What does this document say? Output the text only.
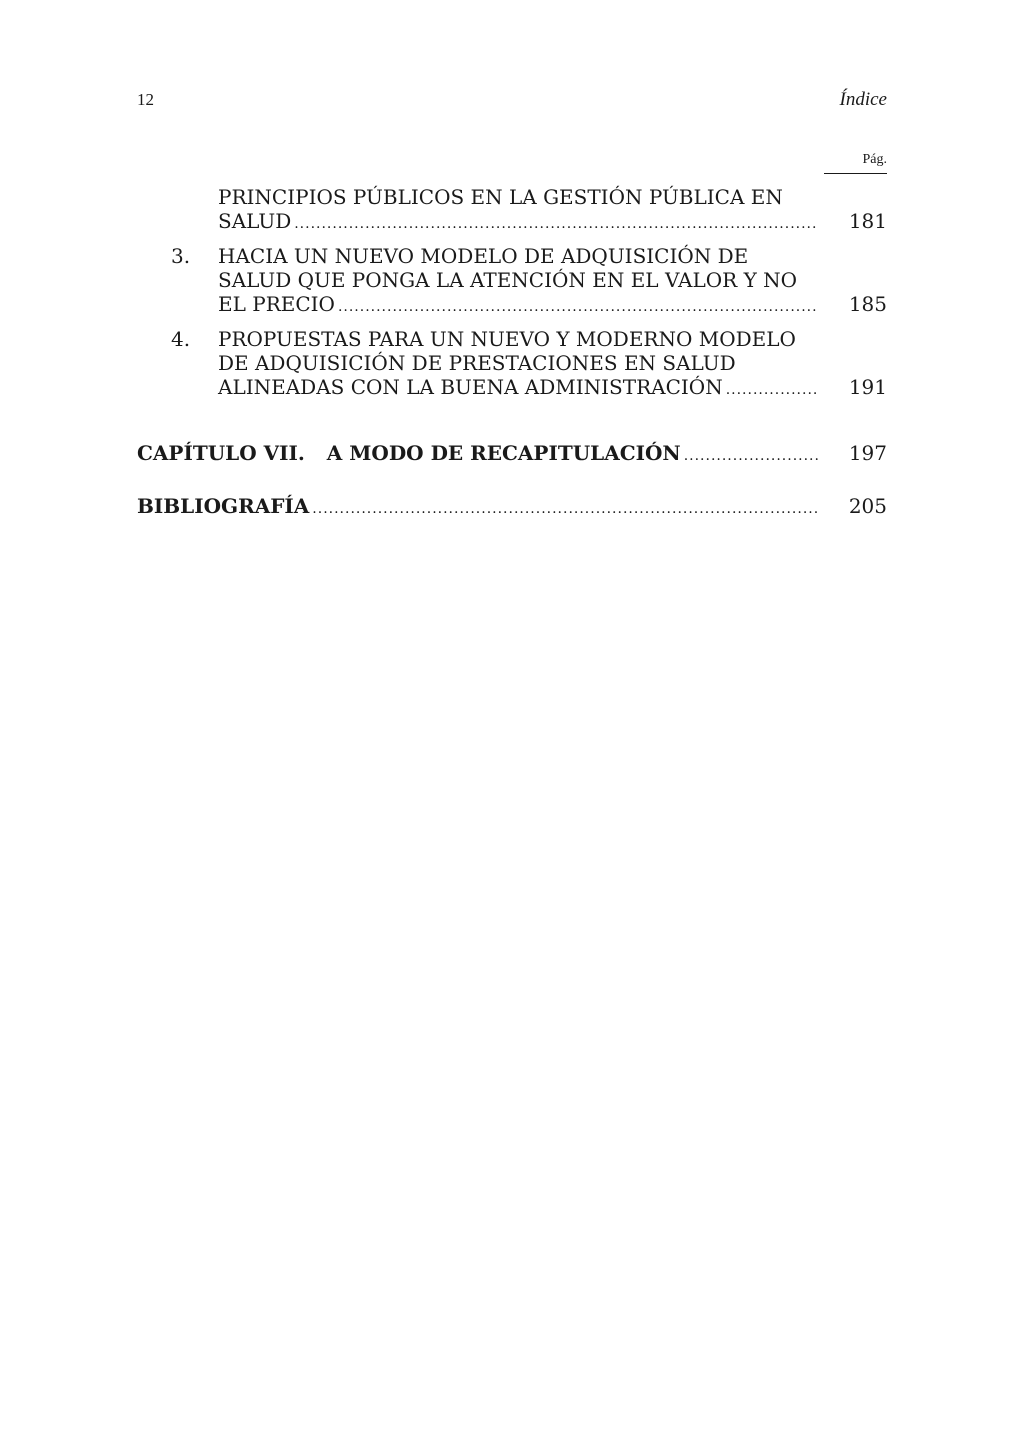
12	Índice
Pág.
PRINCIPIOS PÚBLICOS EN LA GESTIÓN PÚBLICA EN
SALUD .....	181
3. HACIA UN NUEVO MODELO DE ADQUISICIÓN DE
SALUD QUE PONGA LA ATENCIÓN EN EL VALOR Y NO
EL PRECIO .....	185
4. PROPUESTAS PARA UN NUEVO Y MODERNO MODELO
DE ADQUISICIÓN DE PRESTACIONES EN SALUD
ALINEADAS CON LA BUENA ADMINISTRACIÓN .....	191
CAPÍTULO VII. A MODO DE RECAPITULACIÓN .....	197
BIBLIOGRAFÍA .....	205
